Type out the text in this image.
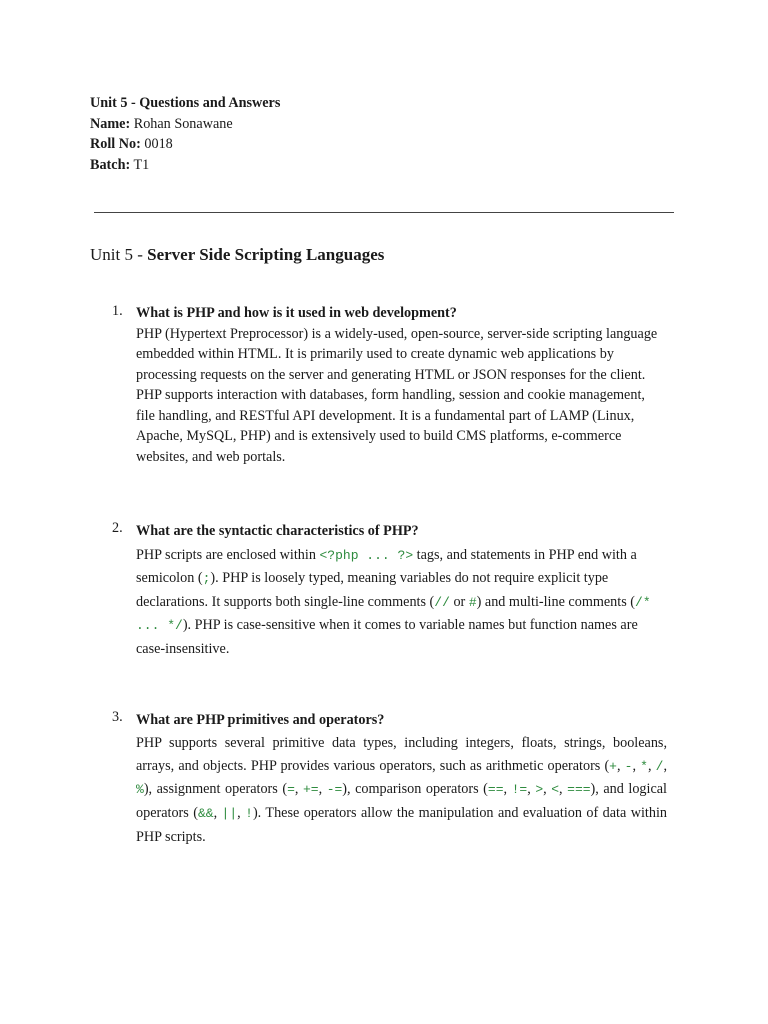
Unit 5 - Questions and Answers
Name: Rohan Sonawane
Roll No: 0018
Batch: T1
Unit 5 - Server Side Scripting Languages
1. What is PHP and how is it used in web development?
PHP (Hypertext Preprocessor) is a widely-used, open-source, server-side scripting language embedded within HTML. It is primarily used to create dynamic web applications by processing requests on the server and generating HTML or JSON responses for the client. PHP supports interaction with databases, form handling, session and cookie management, file handling, and RESTful API development. It is a fundamental part of LAMP (Linux, Apache, MySQL, PHP) and is extensively used to build CMS platforms, e-commerce websites, and web portals.
2. What are the syntactic characteristics of PHP?
PHP scripts are enclosed within <?php ... ?> tags, and statements in PHP end with a semicolon (;). PHP is loosely typed, meaning variables do not require explicit type declarations. It supports both single-line comments (// or #) and multi-line comments (/* ... */). PHP is case-sensitive when it comes to variable names but function names are case-insensitive.
3. What are PHP primitives and operators?
PHP supports several primitive data types, including integers, floats, strings, booleans, arrays, and objects. PHP provides various operators, such as arithmetic operators (+, -, *, /, %), assignment operators (=, +=, -=), comparison operators (==, !=, >, <, ===), and logical operators (&&, ||, !). These operators allow the manipulation and evaluation of data within PHP scripts.
